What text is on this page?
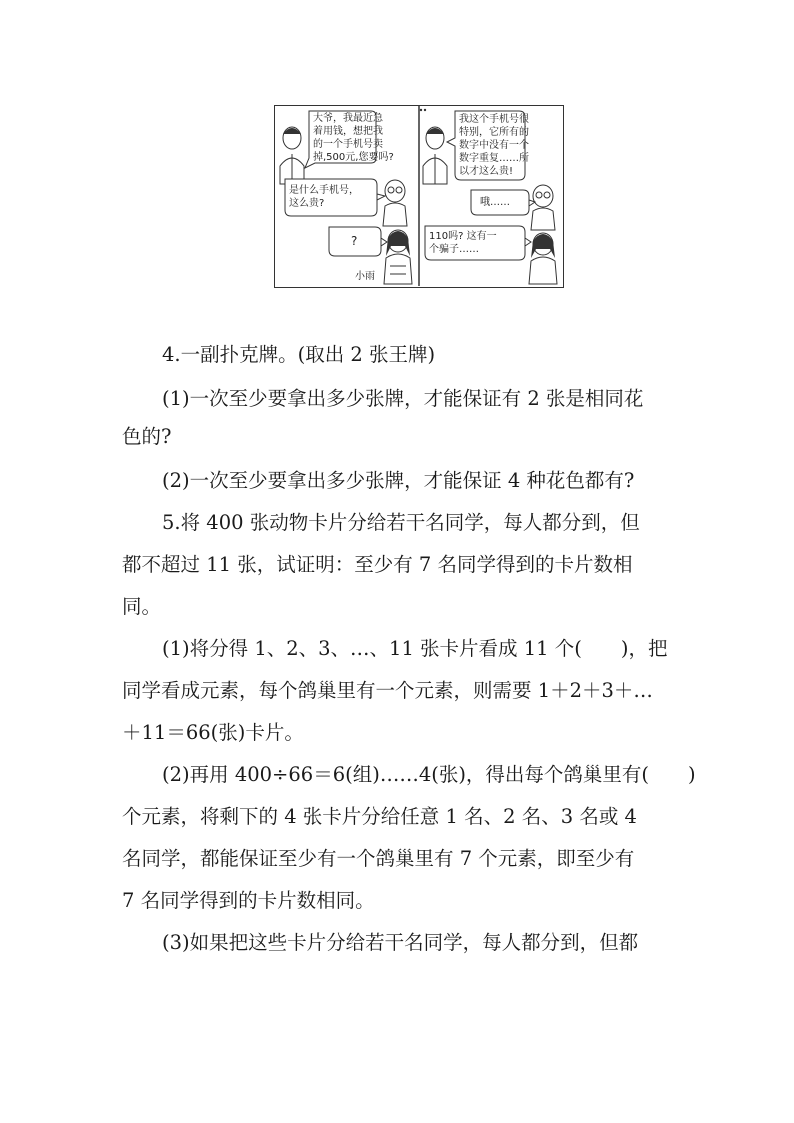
大爷，我最近急
着用钱，想把我
的一个手机号卖
掉,500元,您要吗?
是什么手机号，
这么贵?
?
小雨
我这个手机号很
特别，它所有的
数字中没有一个
数字重复……所
以才这么贵!
哦……
110吗? 这有一
个骗子……

4.一副扑克牌。(取出 2 张王牌)

(1)一次至少要拿出多少张牌，才能保证有 2 张是相同花

色的?

(2)一次至少要拿出多少张牌，才能保证 4 种花色都有?

5.将 400 张动物卡片分给若干名同学，每人都分到，但

都不超过 11 张，试证明：至少有 7 名同学得到的卡片数相

同。

(1)将分得 1、2、3、…、11 张卡片看成 11 个(　　)，把

同学看成元素，每个鸽巢里有一个元素，则需要 1＋2＋3＋…

＋11＝66(张)卡片。

(2)再用 400÷66＝6(组)……4(张)，得出每个鸽巢里有(　　)

个元素，将剩下的 4 张卡片分给任意 1 名、2 名、3 名或 4

名同学，都能保证至少有一个鸽巢里有 7 个元素，即至少有

7 名同学得到的卡片数相同。

(3)如果把这些卡片分给若干名同学，每人都分到，但都
